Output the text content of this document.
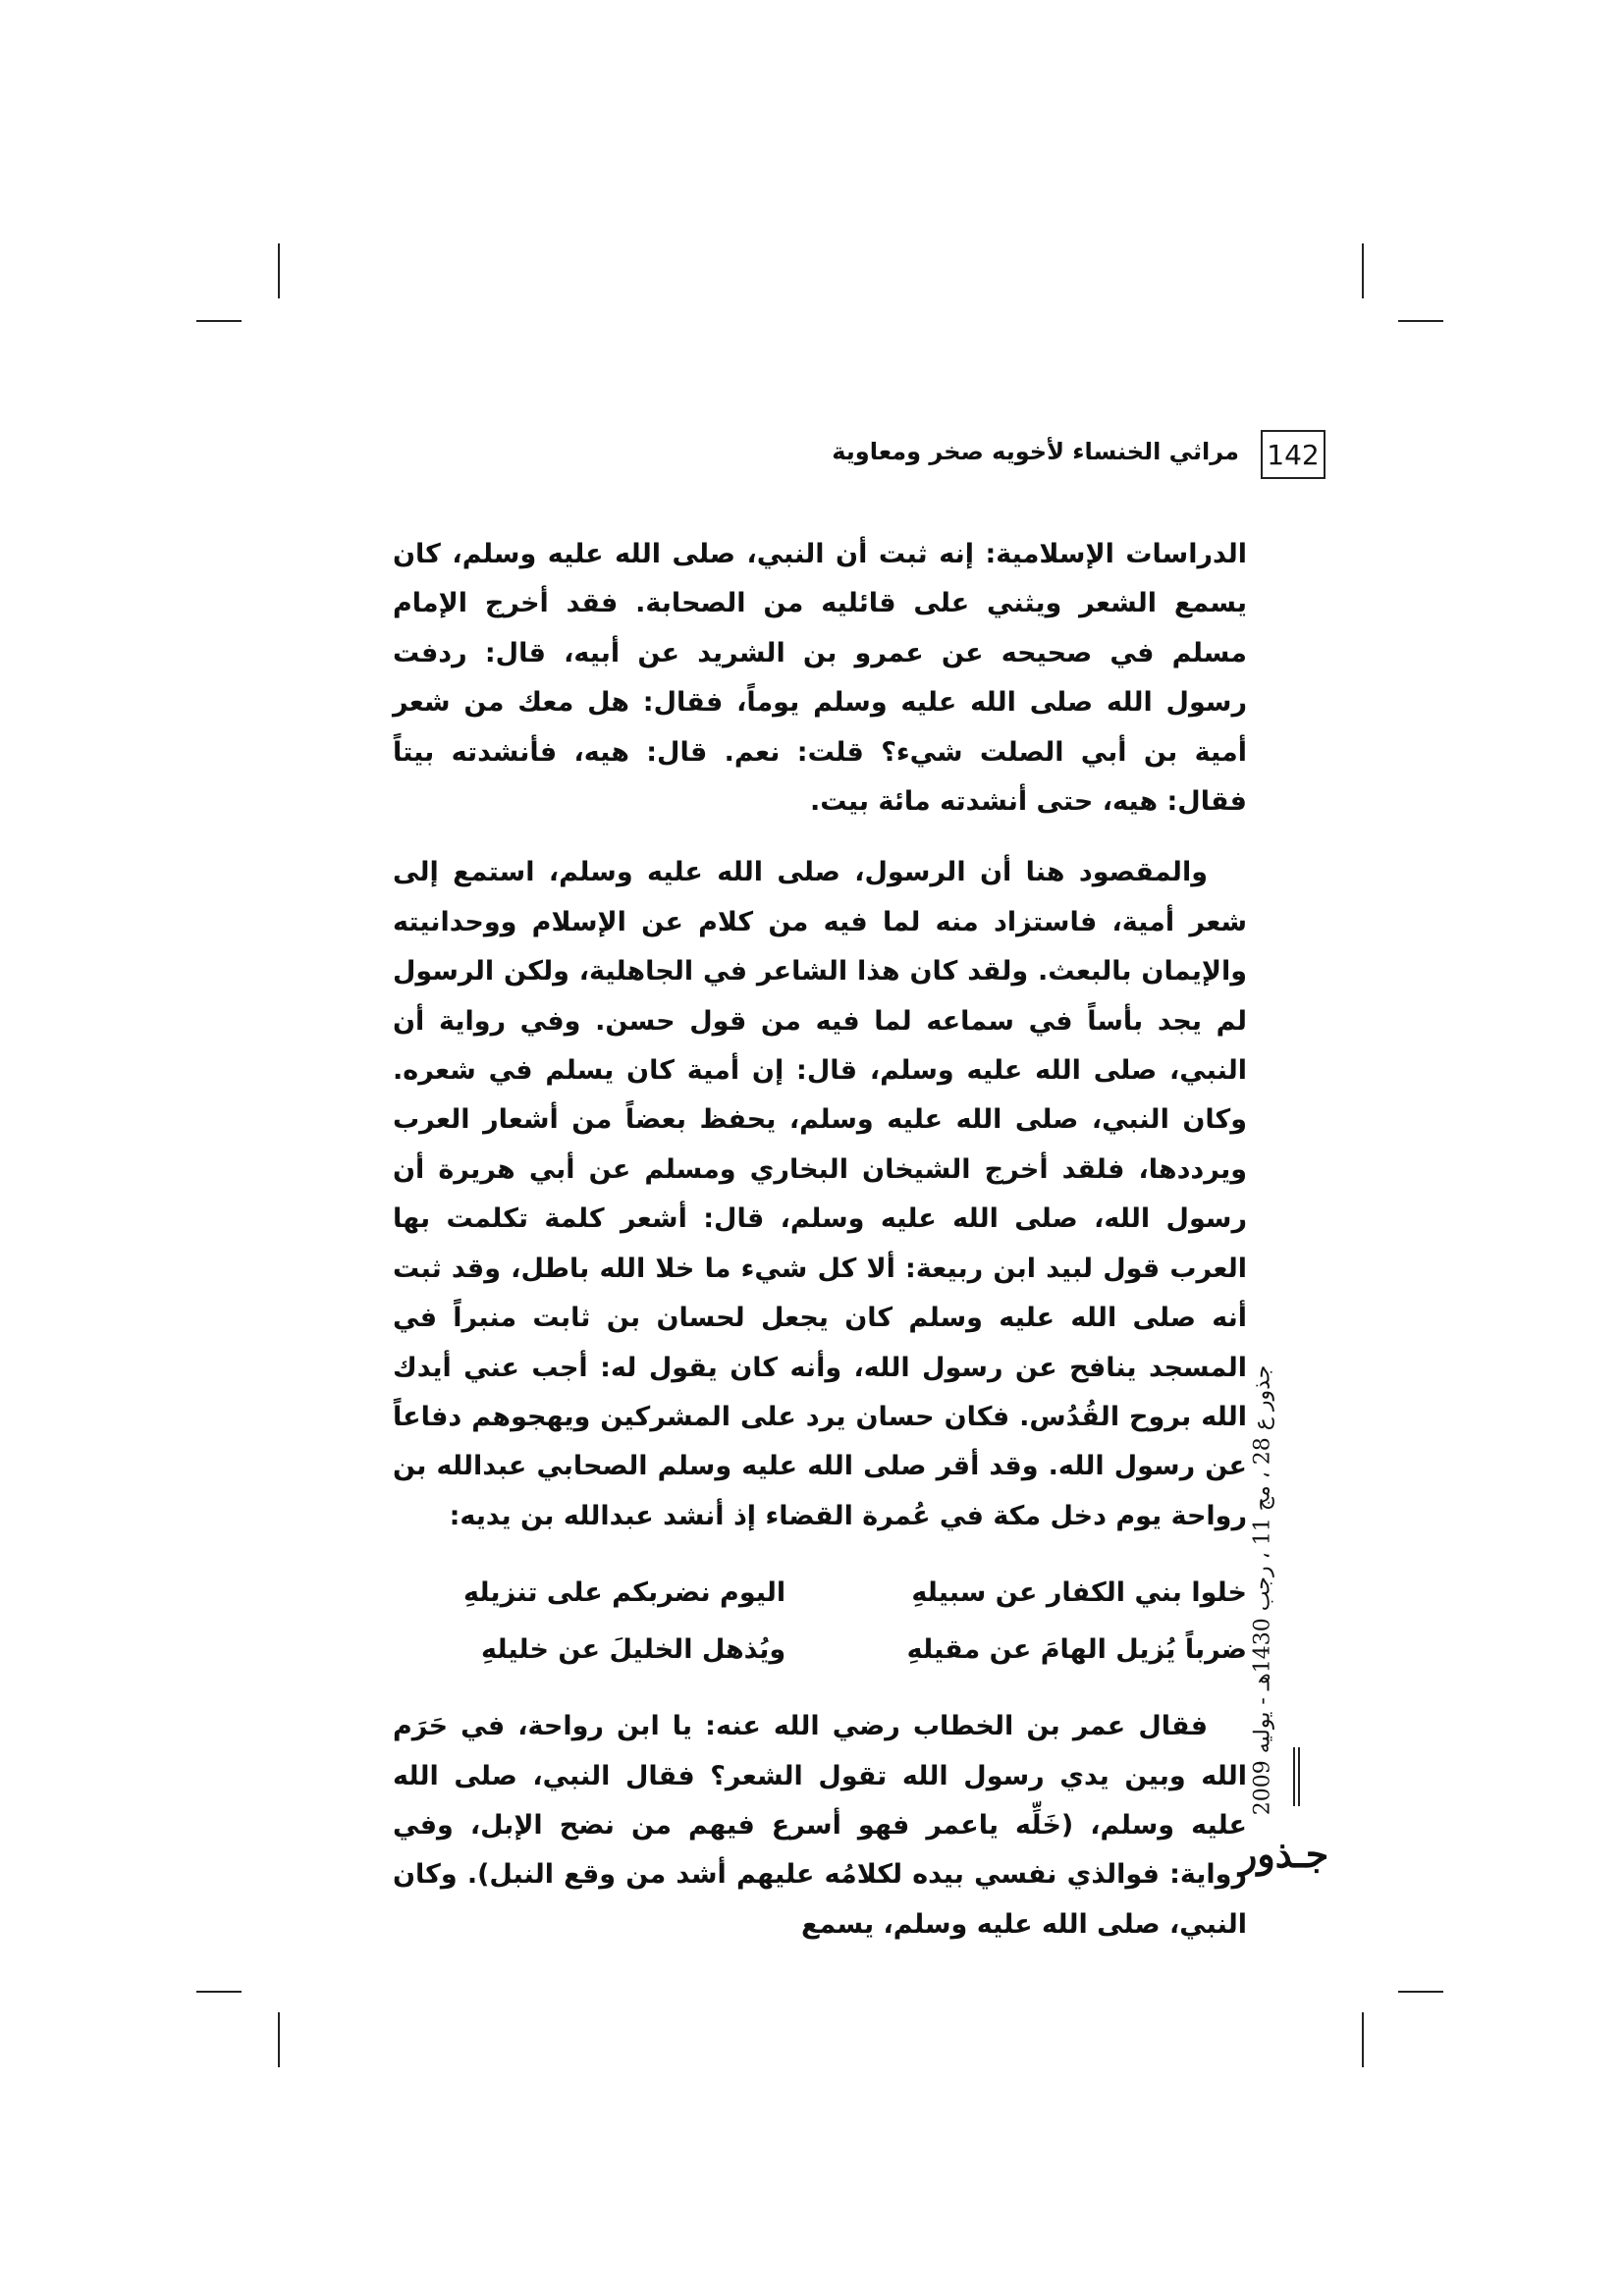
142
مراثي الخنساء لأخويه صخر ومعاوية

الدراسات الإسلامية: إنه ثبت أن النبي، صلى الله عليه وسلم، كان يسمع الشعر ويثني على قائليه من الصحابة. فقد أخرج الإمام مسلم في صحيحه عن عمرو بن الشريد عن أبيه، قال: ردفت رسول الله صلى الله عليه وسلم يوماً، فقال: هل معك من شعر أمية بن أبي الصلت شيء؟ قلت: نعم. قال: هيه، فأنشدته بيتاً فقال: هيه، حتى أنشدته مائة بيت.

والمقصود هنا أن الرسول، صلى الله عليه وسلم، استمع إلى شعر أمية، فاستزاد منه لما فيه من كلام عن الإسلام ووحدانيته والإيمان بالبعث. ولقد كان هذا الشاعر في الجاهلية، ولكن الرسول لم يجد بأساً في سماعه لما فيه من قول حسن. وفي رواية أن النبي، صلى الله عليه وسلم، قال: إن أمية كان يسلم في شعره. وكان النبي، صلى الله عليه وسلم، يحفظ بعضاً من أشعار العرب ويرددها، فلقد أخرج الشيخان البخاري ومسلم عن أبي هريرة أن رسول الله، صلى الله عليه وسلم، قال: أشعر كلمة تكلمت بها العرب قول لبيد ابن ربيعة: ألا كل شيء ما خلا الله باطل، وقد ثبت أنه صلى الله عليه وسلم كان يجعل لحسان بن ثابت منبراً في المسجد ينافح عن رسول الله، وأنه كان يقول له: أجب عني أيدك الله بروح القُدُس. فكان حسان يرد على المشركين ويهجوهم دفاعاً عن رسول الله. وقد أقر صلى الله عليه وسلم الصحابي عبدالله بن رواحة يوم دخل مكة في عُمرة القضاء إذ أنشد عبدالله بن يديه:

خلوا بني الكفار عن سبيلهِ
اليوم نضربكم على تنزيلهِ
ضرباً يُزيل الهامَ عن مقيلهِ
ويُذهل الخليلَ عن خليلهِ

فقال عمر بن الخطاب رضي الله عنه: يا ابن رواحة، في حَرَم الله وبين يدي رسول الله تقول الشعر؟ فقال النبي، صلى الله عليه وسلم، (خَلِّه ياعمر فهو أسرع فيهم من نضح الإبل، وفي رواية: فوالذي نفسي بيده لكلامُه عليهم أشد من وقع النبل). وكان النبي، صلى الله عليه وسلم، يسمع

جذور ع 28 ، مج 11 ، رجب 1430هـ - يوليه 2009
جـذور
